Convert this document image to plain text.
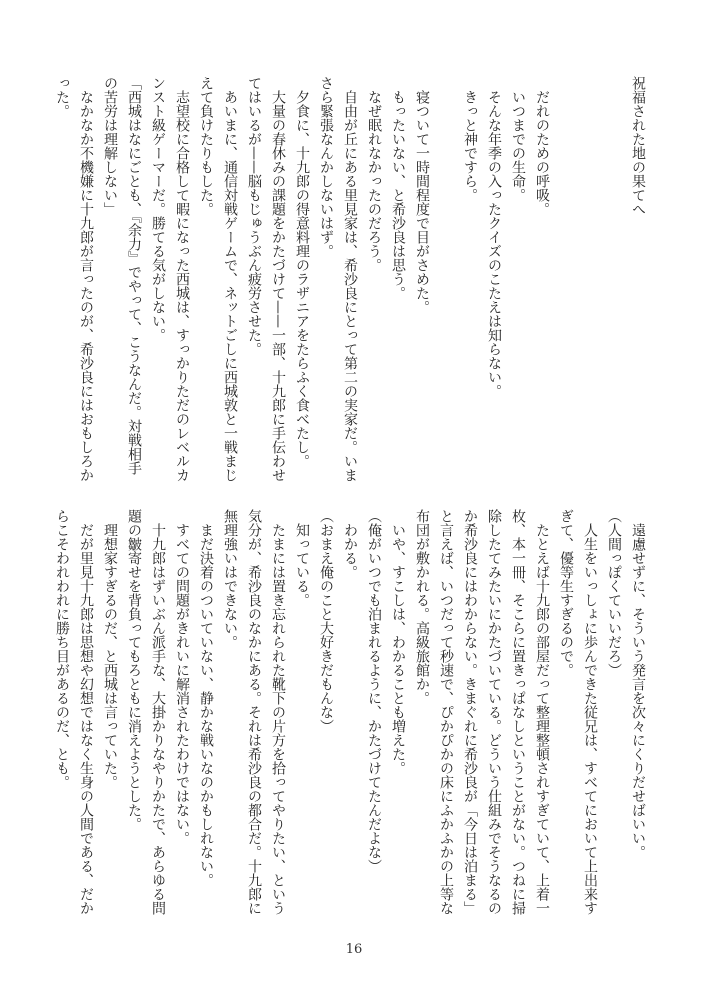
祝福された地の果てへ
　だれのための呼吸。
　いつまでの生命。
　そんな年季の入ったクイズのこたえは知らない。
　きっと神ですら。
　寝ついて一時間程度で目がさめた。
　もったいない、と希沙良は思う。
　なぜ眠れなかったのだろう。
　自由が丘にある里見家は、希沙良にとって第二の実家だ。いま
さら緊張なんかしないはず。
　夕食に、十九郎の得意料理のラザニアをたらふく食べたし。
　大量の春休みの課題をかたづけて——一部、十九郎に手伝わせ
てはいるが——脳もじゅうぶん疲労させた。
　あいまに、通信対戦ゲームで、ネットごしに西城敦と一戦まじ
えて負けたりもした。
　志望校に合格して暇になった西城は、すっかりただのレベルカ
ンスト級ゲーマーだ。勝てる気がしない。
「西城はなにごとも、『余力』でやって、こうなんだ。対戦相手
の苦労は理解しない」
　なかなか不機嫌に十九郎が言ったのが、希沙良にはおもしろか
った。
　遠慮せずに、そういう発言を次々にくりだせばいい。
（人間っぽくていいだろ）
　人生をいっしょに歩んできた従兄は、すべてにおいて上出来す
ぎて、優等生すぎるので。
　たとえば十九郎の部屋だって整理整頓されすぎていて、上着一
枚、本一冊、そこらに置きっぱなしということがない。つねに掃
除したてみたいにかたづいている。どういう仕組みでそうなるの
か希沙良にはわからない。きまぐれに希沙良が「今日は泊まる」
と言えば、いつだって秒速で、ぴかぴかの床にふかふかの上等な
布団が敷かれる。高級旅館か。
　いや、すこしは、わかることも増えた。
（俺がいつでも泊まれるように、かたづけてたんだよな）
　わかる。
（おまえ俺のこと大好きだもんな）
　知っている。
　たまには置き忘れられた靴下の片方を拾ってやりたい、という
気分が、希沙良のなかにある。それは希沙良の都合だ。十九郎に
無理強いはできない。
　まだ決着のついていない、静かな戦いなのかもしれない。
　すべての問題がきれいに解消されたわけではない。
　十九郎はずいぶん派手な、大掛かりなやりかたで、あらゆる問
題の皺寄せを背負ってもろともに消えようとした。
　理想家すぎるのだ、と西城は言っていた。
　だが里見十九郎は思想や幻想ではなく生身の人間である、だか
らこそわれわれに勝ち目があるのだ、とも。
16
